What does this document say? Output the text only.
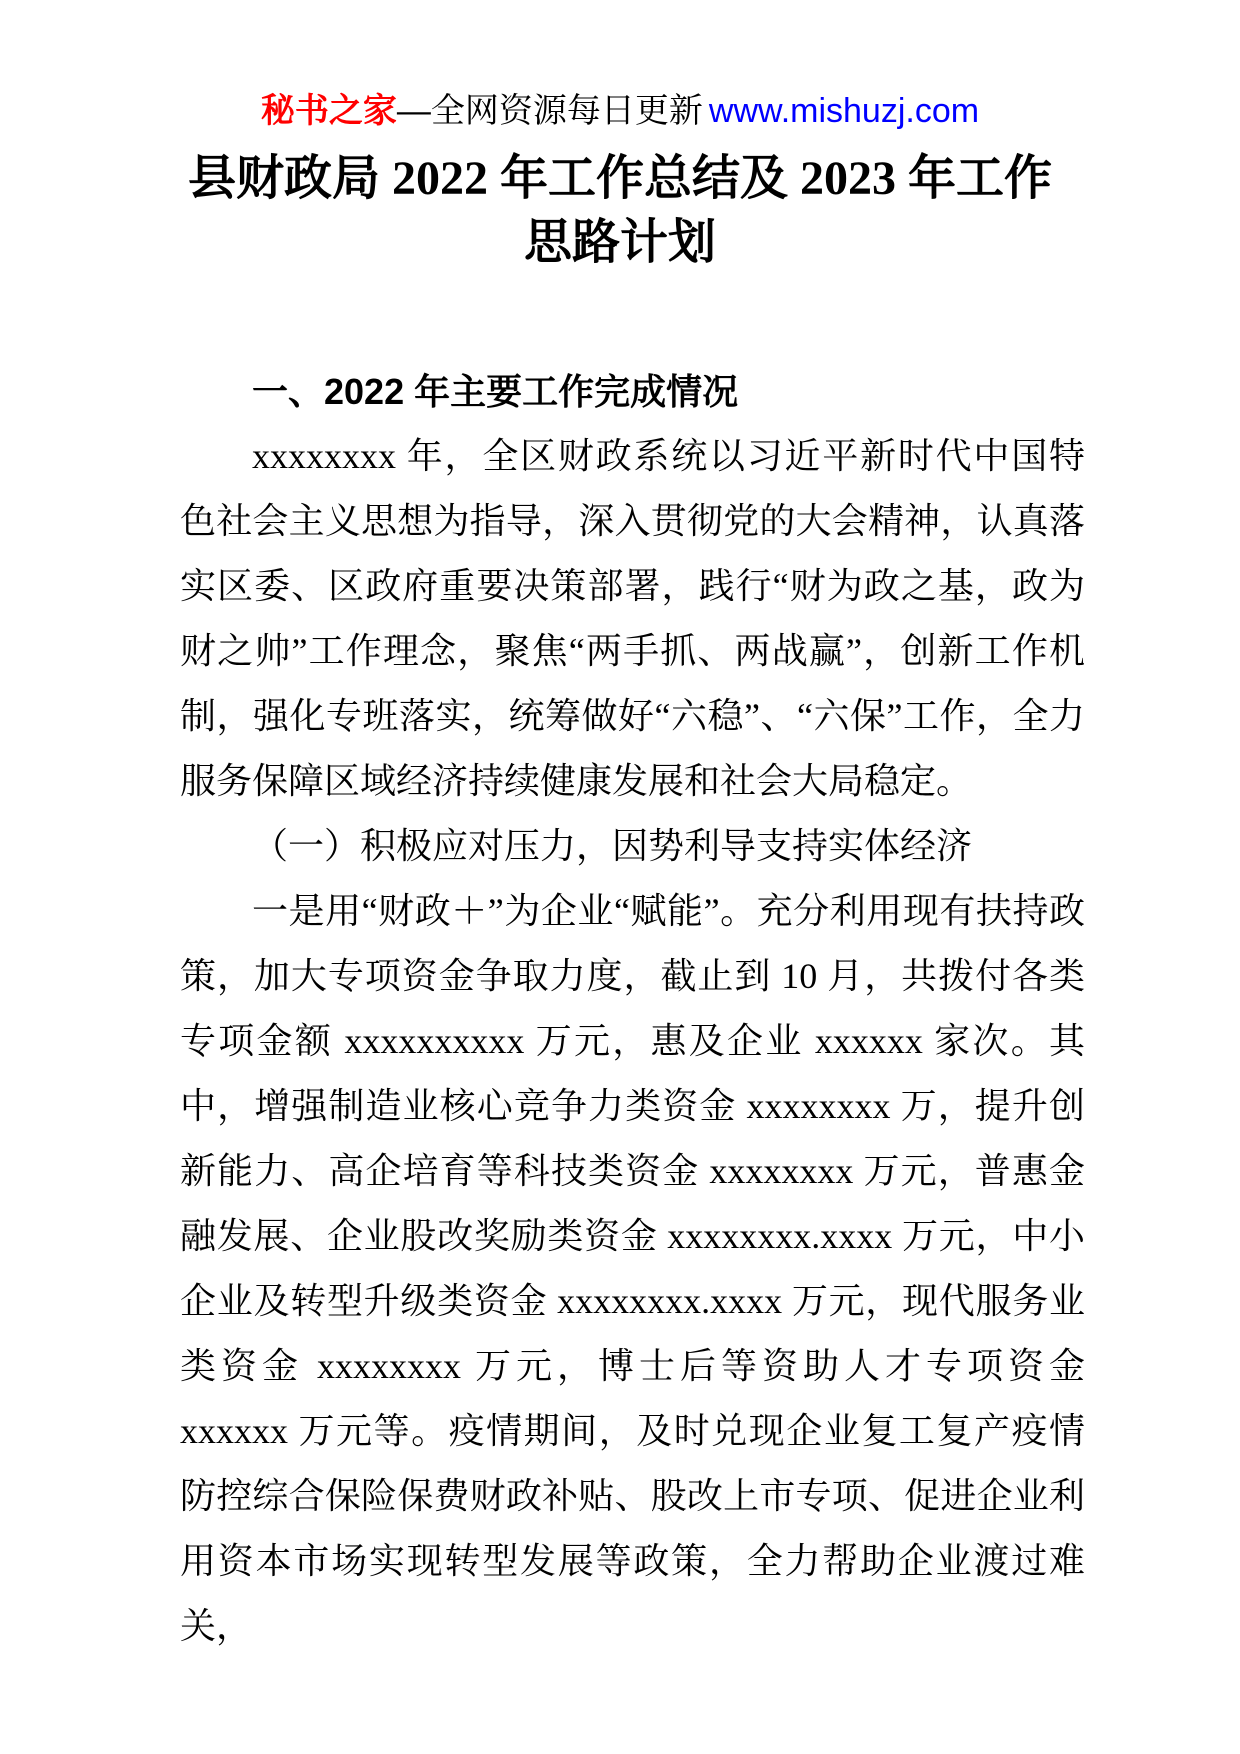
秘书之家—全网资源每日更新 www.mishuzj.com
县财政局 2022 年工作总结及 2023 年工作思路计划

一、2022 年主要工作完成情况

xxxxxxxx 年，全区财政系统以习近平新时代中国特色社会主义思想为指导，深入贯彻党的大会精神，认真落实区委、区政府重要决策部署，践行“财为政之基，政为财之帅”工作理念，聚焦“两手抓、两战赢”，创新工作机制，强化专班落实，统筹做好“六稳”、“六保”工作，全力服务保障区域经济持续健康发展和社会大局稳定。

（一）积极应对压力，因势利导支持实体经济

一是用“财政＋”为企业“赋能”。充分利用现有扶持政策，加大专项资金争取力度，截止到 10 月，共拨付各类专项金额 xxxxxxxxxx 万元，惠及企业 xxxxxx 家次。其中，增强制造业核心竞争力类资金 xxxxxxxx 万，提升创新能力、高企培育等科技类资金 xxxxxxxx 万元，普惠金融发展、企业股改奖励类资金 xxxxxxxx.xxxx 万元，中小企业及转型升级类资金 xxxxxxxx.xxxx 万元，现代服务业类资金 xxxxxxxx 万元，博士后等资助人才专项资金 xxxxxx 万元等。疫情期间，及时兑现企业复工复产疫情防控综合保险保费财政补贴、股改上市专项、促进企业利用资本市场实现转型发展等政策，全力帮助企业渡过难关，
